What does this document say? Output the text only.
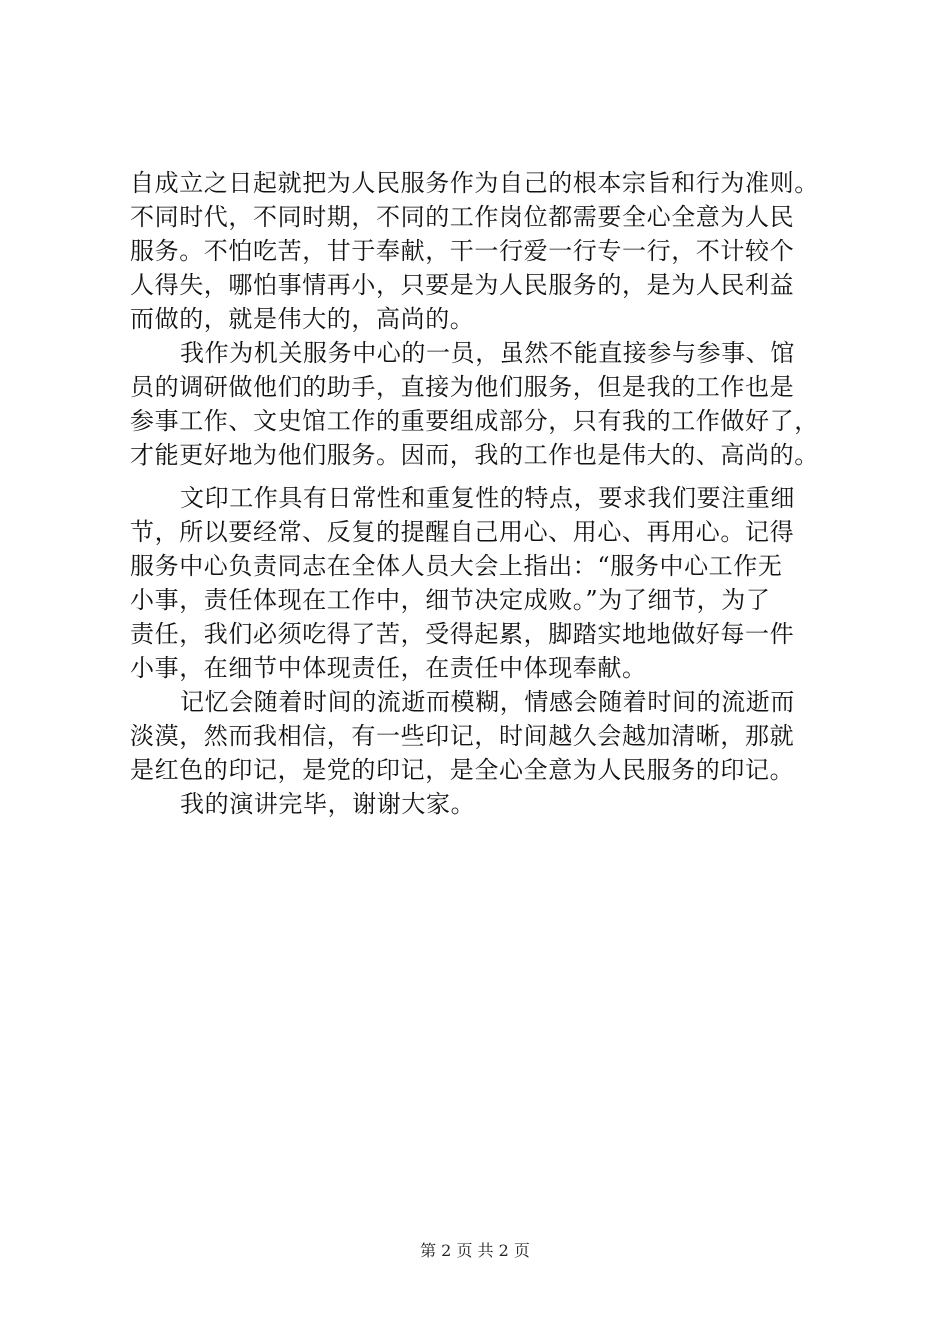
自成立之日起就把为人民服务作为自己的根本宗旨和行为准则。
不同时代，不同时期，不同的工作岗位都需要全心全意为人民
服务。不怕吃苦，甘于奉献，干一行爱一行专一行，不计较个
人得失，哪怕事情再小，只要是为人民服务的，是为人民利益
而做的，就是伟大的，高尚的。
我作为机关服务中心的一员，虽然不能直接参与参事、馆
员的调研做他们的助手，直接为他们服务，但是我的工作也是
参事工作、文史馆工作的重要组成部分，只有我的工作做好了，
才能更好地为他们服务。因而，我的工作也是伟大的、高尚的。
文印工作具有日常性和重复性的特点，要求我们要注重细
节，所以要经常、反复的提醒自己用心、用心、再用心。记得
服务中心负责同志在全体人员大会上指出：“服务中心工作无
小事，责任体现在工作中，细节决定成败。”为了细节，为了
责任，我们必须吃得了苦，受得起累，脚踏实地地做好每一件
小事，在细节中体现责任，在责任中体现奉献。
记忆会随着时间的流逝而模糊，情感会随着时间的流逝而
淡漠，然而我相信，有一些印记，时间越久会越加清晰，那就
是红色的印记，是党的印记，是全心全意为人民服务的印记。
我的演讲完毕，谢谢大家。
第 2 页 共 2 页
